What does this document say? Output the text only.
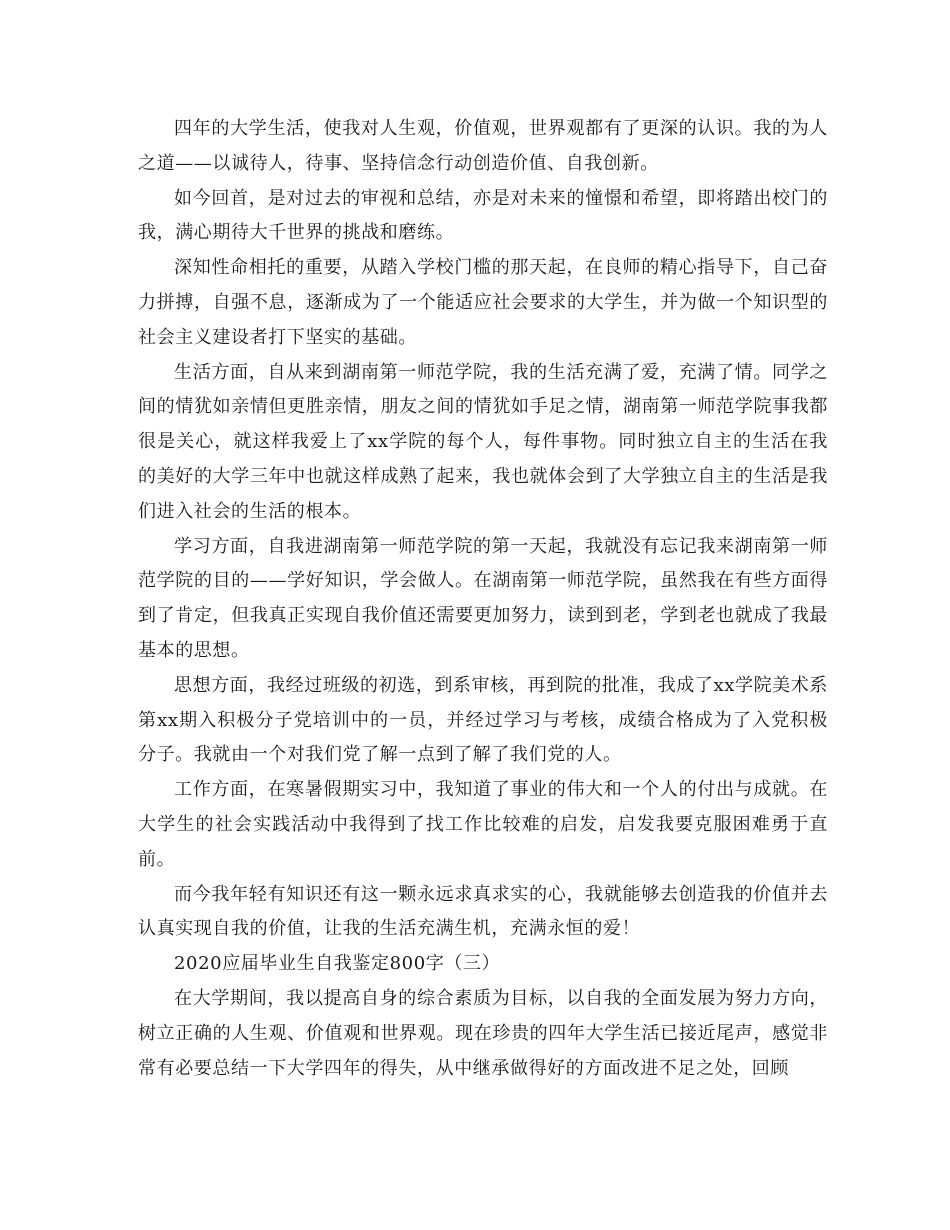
四年的大学生活，使我对人生观，价值观，世界观都有了更深的认识。我的为人之道——以诚待人，待事、坚持信念行动创造价值、自我创新。

如今回首，是对过去的审视和总结，亦是对未来的憧憬和希望，即将踏出校门的我，满心期待大千世界的挑战和磨练。

深知性命相托的重要，从踏入学校门槛的那天起，在良师的精心指导下，自己奋力拼搏，自强不息，逐渐成为了一个能适应社会要求的大学生，并为做一个知识型的社会主义建设者打下坚实的基础。

生活方面，自从来到湖南第一师范学院，我的生活充满了爱，充满了情。同学之间的情犹如亲情但更胜亲情，朋友之间的情犹如手足之情，湖南第一师范学院事我都很是关心，就这样我爱上了xx学院的每个人，每件事物。同时独立自主的生活在我的美好的大学三年中也就这样成熟了起来，我也就体会到了大学独立自主的生活是我们进入社会的生活的根本。

学习方面，自我进湖南第一师范学院的第一天起，我就没有忘记我来湖南第一师范学院的目的——学好知识，学会做人。在湖南第一师范学院，虽然我在有些方面得到了肯定，但我真正实现自我价值还需要更加努力，读到到老，学到老也就成了我最基本的思想。

思想方面，我经过班级的初选，到系审核，再到院的批准，我成了xx学院美术系第xx期入积极分子党培训中的一员，并经过学习与考核，成绩合格成为了入党积极分子。我就由一个对我们党了解一点到了解了我们党的人。

工作方面，在寒暑假期实习中，我知道了事业的伟大和一个人的付出与成就。在大学生的社会实践活动中我得到了找工作比较难的启发，启发我要克服困难勇于直前。

而今我年轻有知识还有这一颗永远求真求实的心，我就能够去创造我的价值并去认真实现自我的价值，让我的生活充满生机，充满永恒的爱！

2020应届毕业生自我鉴定800字（三）

在大学期间，我以提高自身的综合素质为目标，以自我的全面发展为努力方向，树立正确的人生观、价值观和世界观。现在珍贵的四年大学生活已接近尾声，感觉非常有必要总结一下大学四年的得失，从中继承做得好的方面改进不足之处，回顾
